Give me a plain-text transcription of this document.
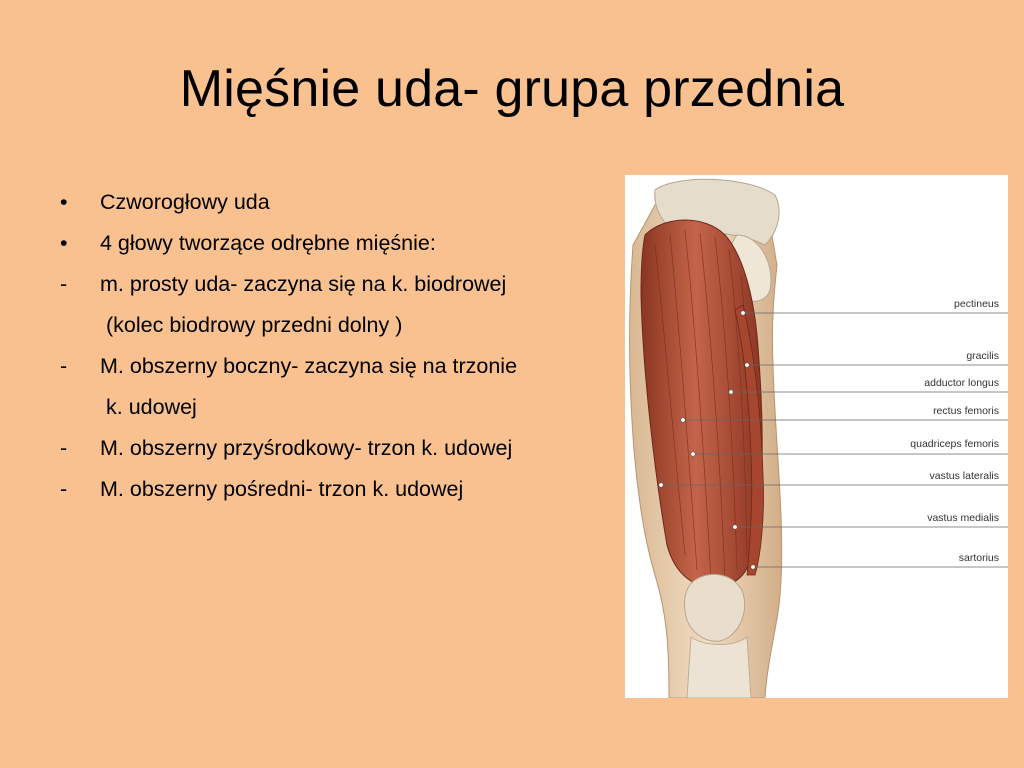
Mięśnie uda- grupa przednia
•	Czworogłowy uda
•	4 głowy tworzące odrębne mięśnie:
-	m. prosty uda- zaczyna się na k. biodrowej
(kolec biodrowy przedni dolny )
-	M. obszerny boczny- zaczyna się na trzonie
k. udowej
-	M. obszerny przyśrodkowy- trzon k. udowej
-	M. obszerny pośredni- trzon k. udowej
pectineus
gracilis
adductor longus
rectus femoris
quadriceps femoris
vastus lateralis
vastus medialis
sartorius
